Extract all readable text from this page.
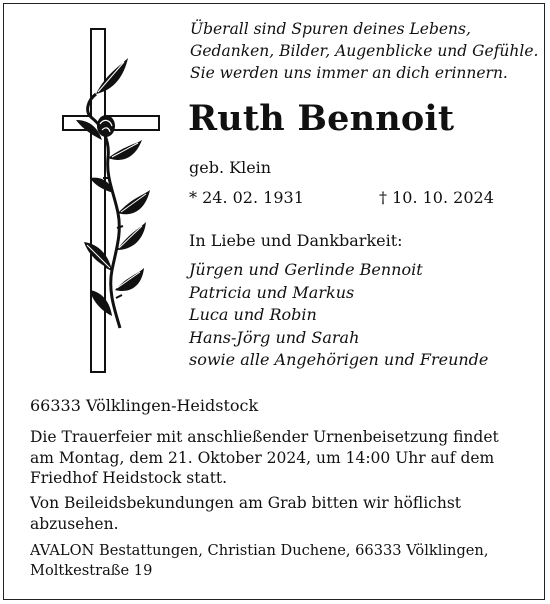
Überall sind Spuren deines Lebens,
Gedanken, Bilder, Augenblicke und Gefühle.
Sie werden uns immer an dich erinnern.
Ruth Bennoit
geb. Klein
* 24. 02. 1931	† 10. 10. 2024
In Liebe und Dankbarkeit:
Jürgen und Gerlinde Bennoit
Patricia und Markus
Luca und Robin
Hans-Jörg und Sarah
sowie alle Angehörigen und Freunde
66333 Völklingen-Heidstock
Die Trauerfeier mit anschließender Urnenbeisetzung findet am Montag, dem 21. Oktober 2024, um 14:00 Uhr auf dem Friedhof Heidstock statt.
Von Beileidsbekundungen am Grab bitten wir höflichst abzusehen.
AVALON Bestattungen, Christian Duchene, 66333 Völklingen, Moltkestraße 19
